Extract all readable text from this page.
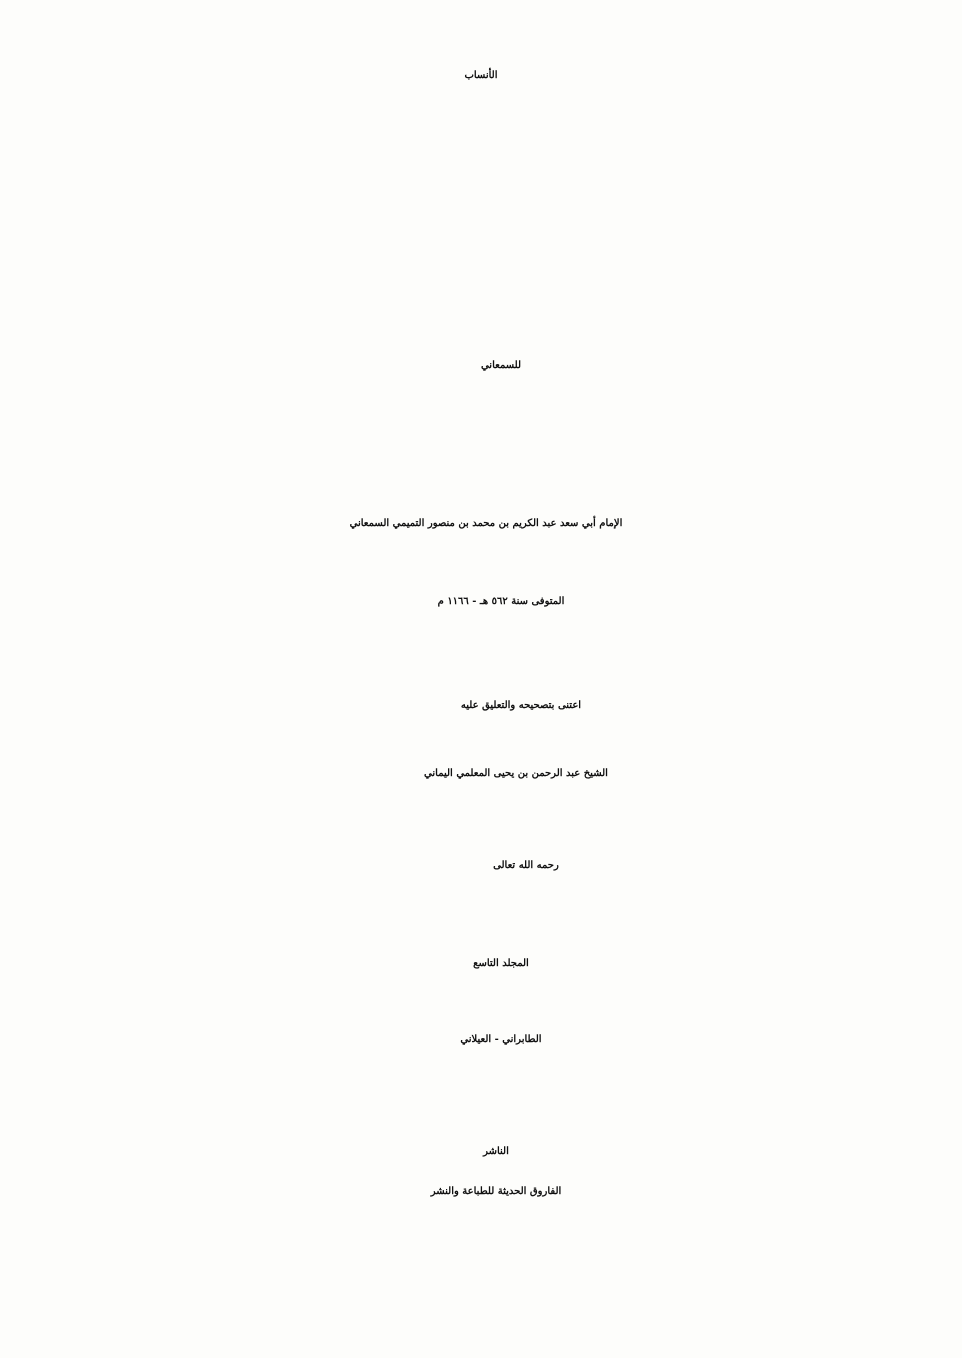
الأنساب
للسمعاني
الإمام أبي سعد عبد الكريم بن محمد بن منصور التميمي السمعاني
المتوفى سنة ٥٦٢ هـ - ١١٦٦ م
اعتنى بتصحيحه والتعليق عليه
الشيخ عبد الرحمن بن يحيى المعلمي اليماني
رحمه الله تعالى
المجلد التاسع
الطابراني - العيلاني
الناشر
الفاروق الحديثة للطباعة والنشر
